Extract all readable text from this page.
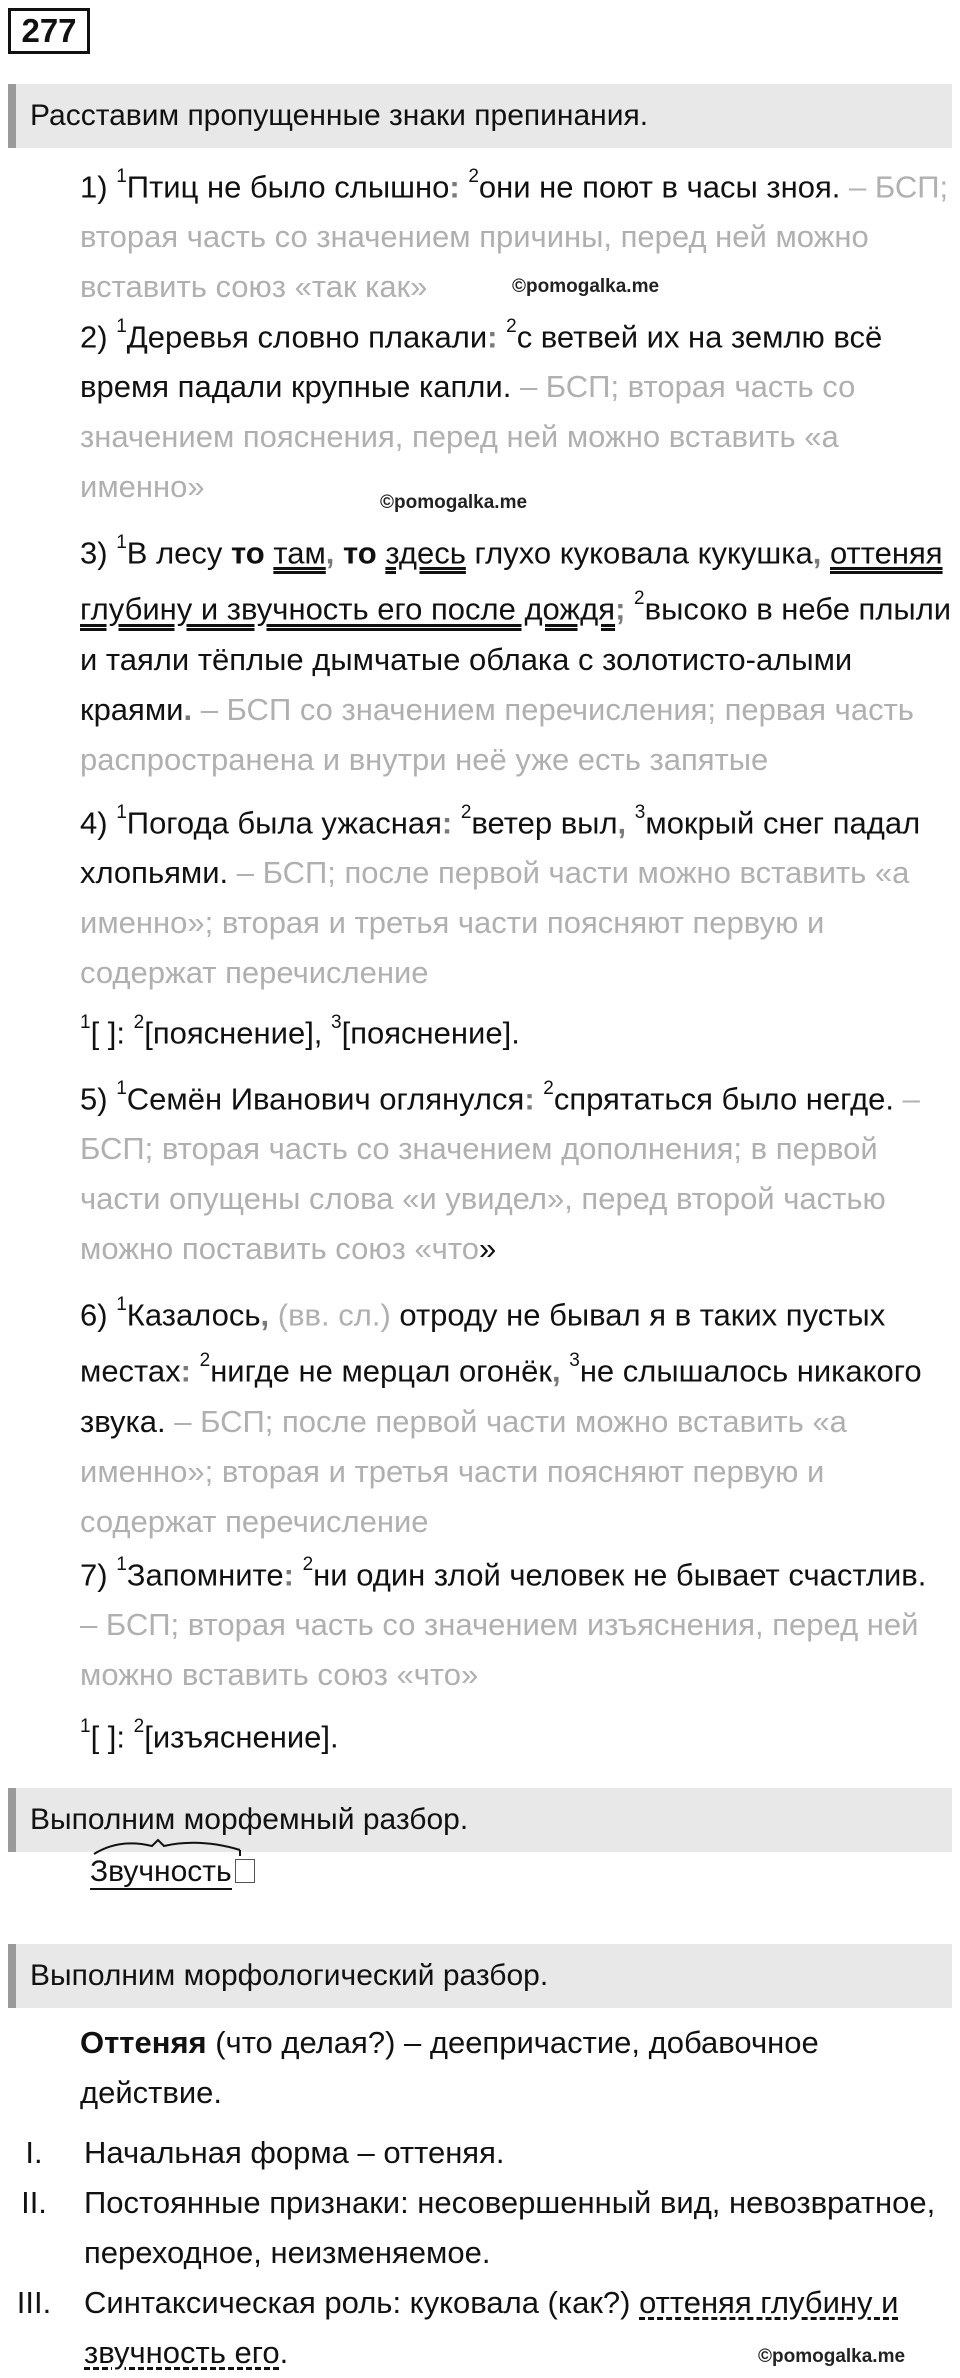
277
Расставим пропущенные знаки препинания.
1) $^1$Птиц не было слышно: $^2$они не поют в часы зноя. – БСП; вторая часть со значением причины, перед ней можно вставить союз «так как»	©pomogalka.me
2) $^1$Деревья словно плакали: $^2$с ветвей их на землю всё время падали крупные капли. – БСП; вторая часть со значением пояснения, перед ней можно вставить «а именно»	©pomogalka.me
3) $^1$В лесу то там, то здесь глухо куковала кукушка, оттеняя глубину и звучность его после дождя; $^2$высоко в небе плыли и таяли тёплые дымчатые облака с золотисто-алыми краями. – БСП со значением перечисления; первая часть распространена и внутри неё уже есть запятые
4) $^1$Погода была ужасная: $^2$ветер выл, $^3$мокрый снег падал хлопьями. – БСП; после первой части можно вставить «а именно»; вторая и третья части поясняют первую и содержат перечисление
$^1$[ ]: $^2$[пояснение], $^3$[пояснение].
5) $^1$Семён Иванович оглянулся: $^2$спрятаться было негде. – БСП; вторая часть со значением дополнения; в первой части опущены слова «и увидел», перед второй частью можно поставить союз «что»
6) $^1$Казалось, (вв. сл.) отроду не бывал я в таких пустых местах: $^2$нигде не мерцал огонёк, $^3$не слышалось никакого звука. – БСП; после первой части можно вставить «а именно»; вторая и третья части поясняют первую и содержат перечисление
7) $^1$Запомните: $^2$ни один злой человек не бывает счастлив. – БСП; вторая часть со значением изъяснения, перед ней можно вставить союз «что»
$^1$[ ]: $^2$[изъяснение].
Выполним морфемный разбор.
Звучность
Выполним морфологический разбор.
Оттеняя (что делая?) – деепричастие, добавочное действие.
I.	Начальная форма – оттеняя.
II. Постоянные признаки: несовершенный вид, невозвратное, переходное, неизменяемое.
III. Синтаксическая роль: куковала (как?) оттеняя глубину и звучность его.	©pomogalka.me
